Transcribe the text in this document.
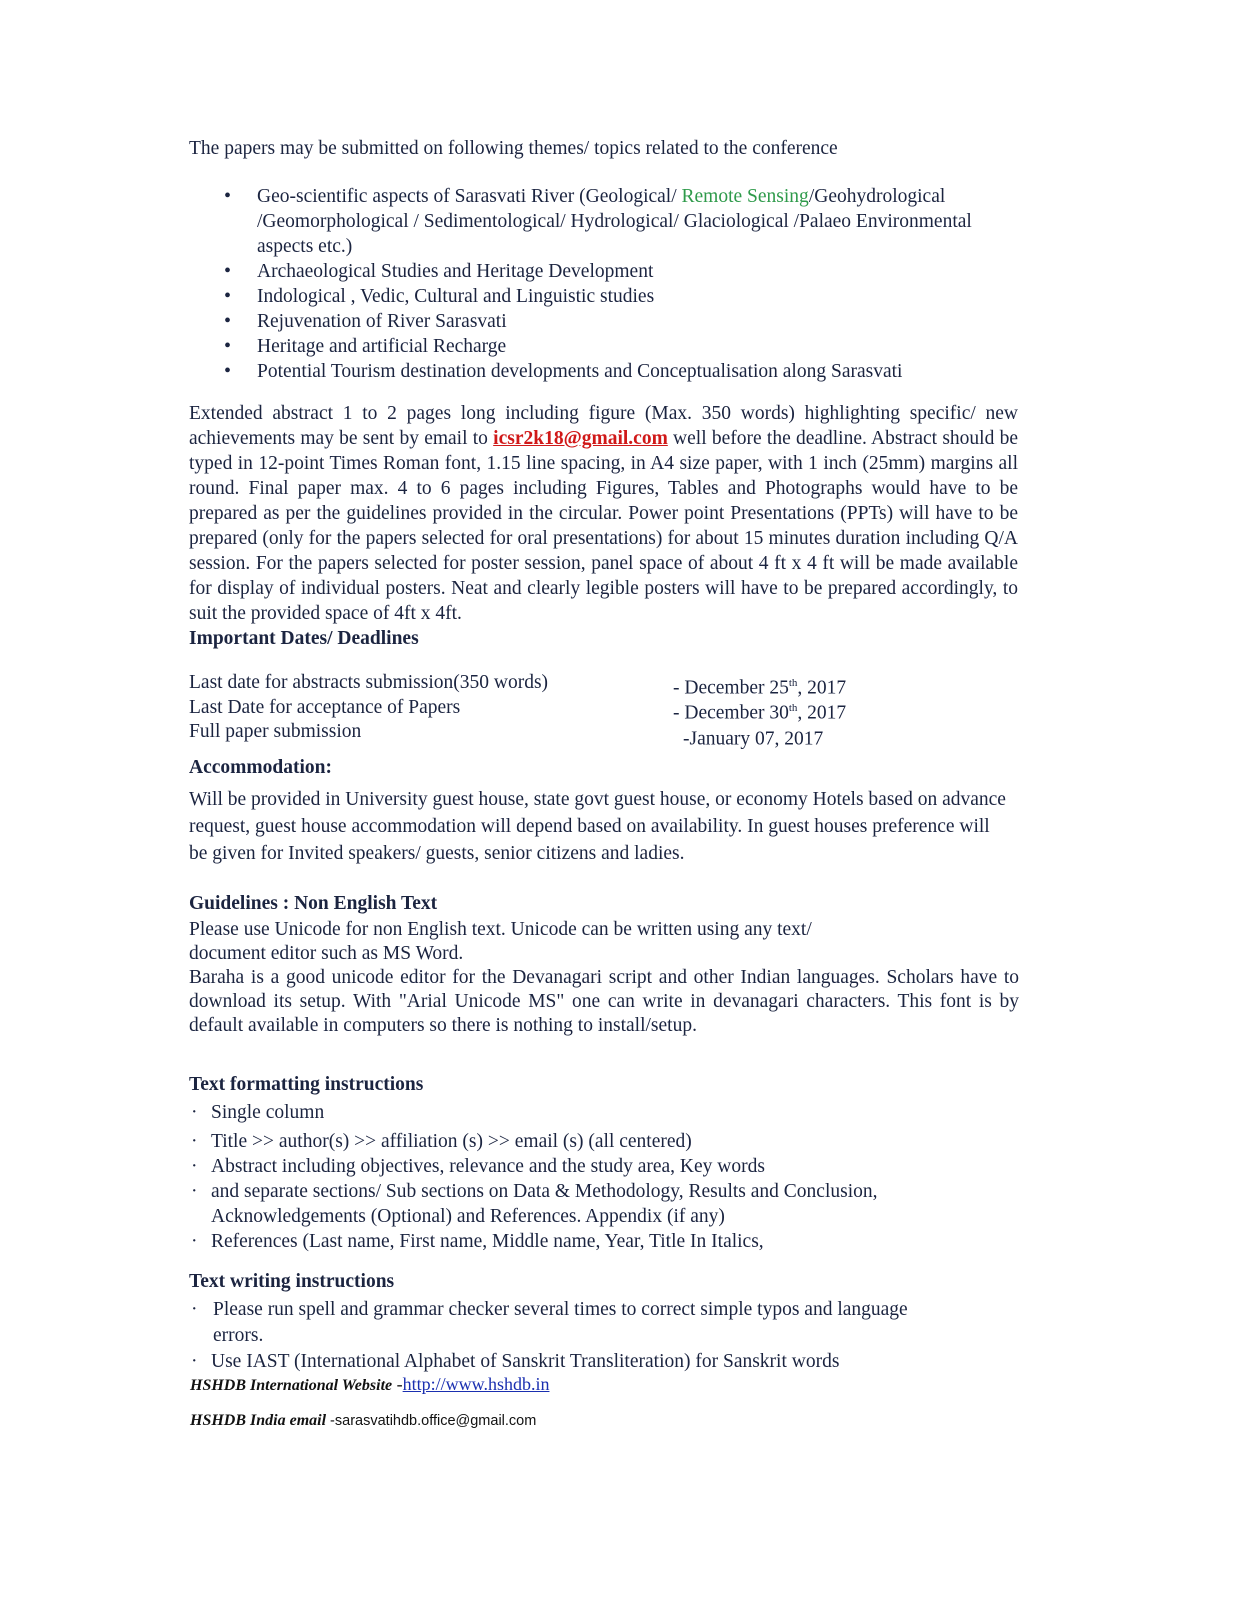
The papers may be submitted on following themes/ topics related to the conference
• Geo-scientific aspects of Sarasvati River (Geological/ Remote Sensing/Geohydrological /Geomorphological / Sedimentological/ Hydrological/ Glaciological /Palaeo Environmental aspects etc.)
• Archaeological Studies and Heritage Development
• Indological , Vedic, Cultural and Linguistic studies
• Rejuvenation of River Sarasvati
• Heritage and artificial Recharge
• Potential Tourism destination developments and Conceptualisation along Sarasvati
Extended abstract 1 to 2 pages long including figure (Max. 350 words) highlighting specific/ new achievements may be sent by email to icsr2k18@gmail.com well before the deadline. Abstract should be typed in 12-point Times Roman font, 1.15 line spacing, in A4 size paper, with 1 inch (25mm) margins all round. Final paper max. 4 to 6 pages including Figures, Tables and Photographs would have to be prepared as per the guidelines provided in the circular. Power point Presentations (PPTs) will have to be prepared (only for the papers selected for oral presentations) for about 15 minutes duration including Q/A session. For the papers selected for poster session, panel space of about 4 ft x 4 ft will be made available for display of individual posters. Neat and clearly legible posters will have to be prepared accordingly, to suit the provided space of 4ft x 4ft.
Important Dates/ Deadlines
Last date for abstracts submission(350 words)	- December 25th, 2017
Last Date for acceptance of Papers	- December 30th, 2017
Full paper submission	-January 07, 2017
Accommodation:
Will be provided in University guest house, state govt guest house, or economy Hotels based on advance request, guest house accommodation will depend based on availability. In guest houses preference will be given for Invited speakers/ guests, senior citizens and ladies.
Guidelines : Non English Text
Please use Unicode for non English text. Unicode can be written using any text/
document editor such as MS Word.
Baraha is a good unicode editor for the Devanagari script and other Indian languages. Scholars have to download its setup. With "Arial Unicode MS" one can write in devanagari characters. This font is by default available in computers so there is nothing to install/setup.
Text formatting instructions
· Single column
· Title >> author(s) >> affiliation (s) >> email (s) (all centered)
· Abstract including objectives, relevance and the study area, Key words
· and separate sections/ Sub sections on Data & Methodology, Results and Conclusion, Acknowledgements (Optional) and References. Appendix (if any)
· References (Last name, First name, Middle name, Year, Title In Italics,
Text writing instructions
· Please run spell and grammar checker several times to correct simple typos and language errors.
· Use IAST (International Alphabet of Sanskrit Transliteration) for Sanskrit words
HSHDB International Website -http://www.hshdb.in
HSHDB India email -sarasvatihdb.office@gmail.com
